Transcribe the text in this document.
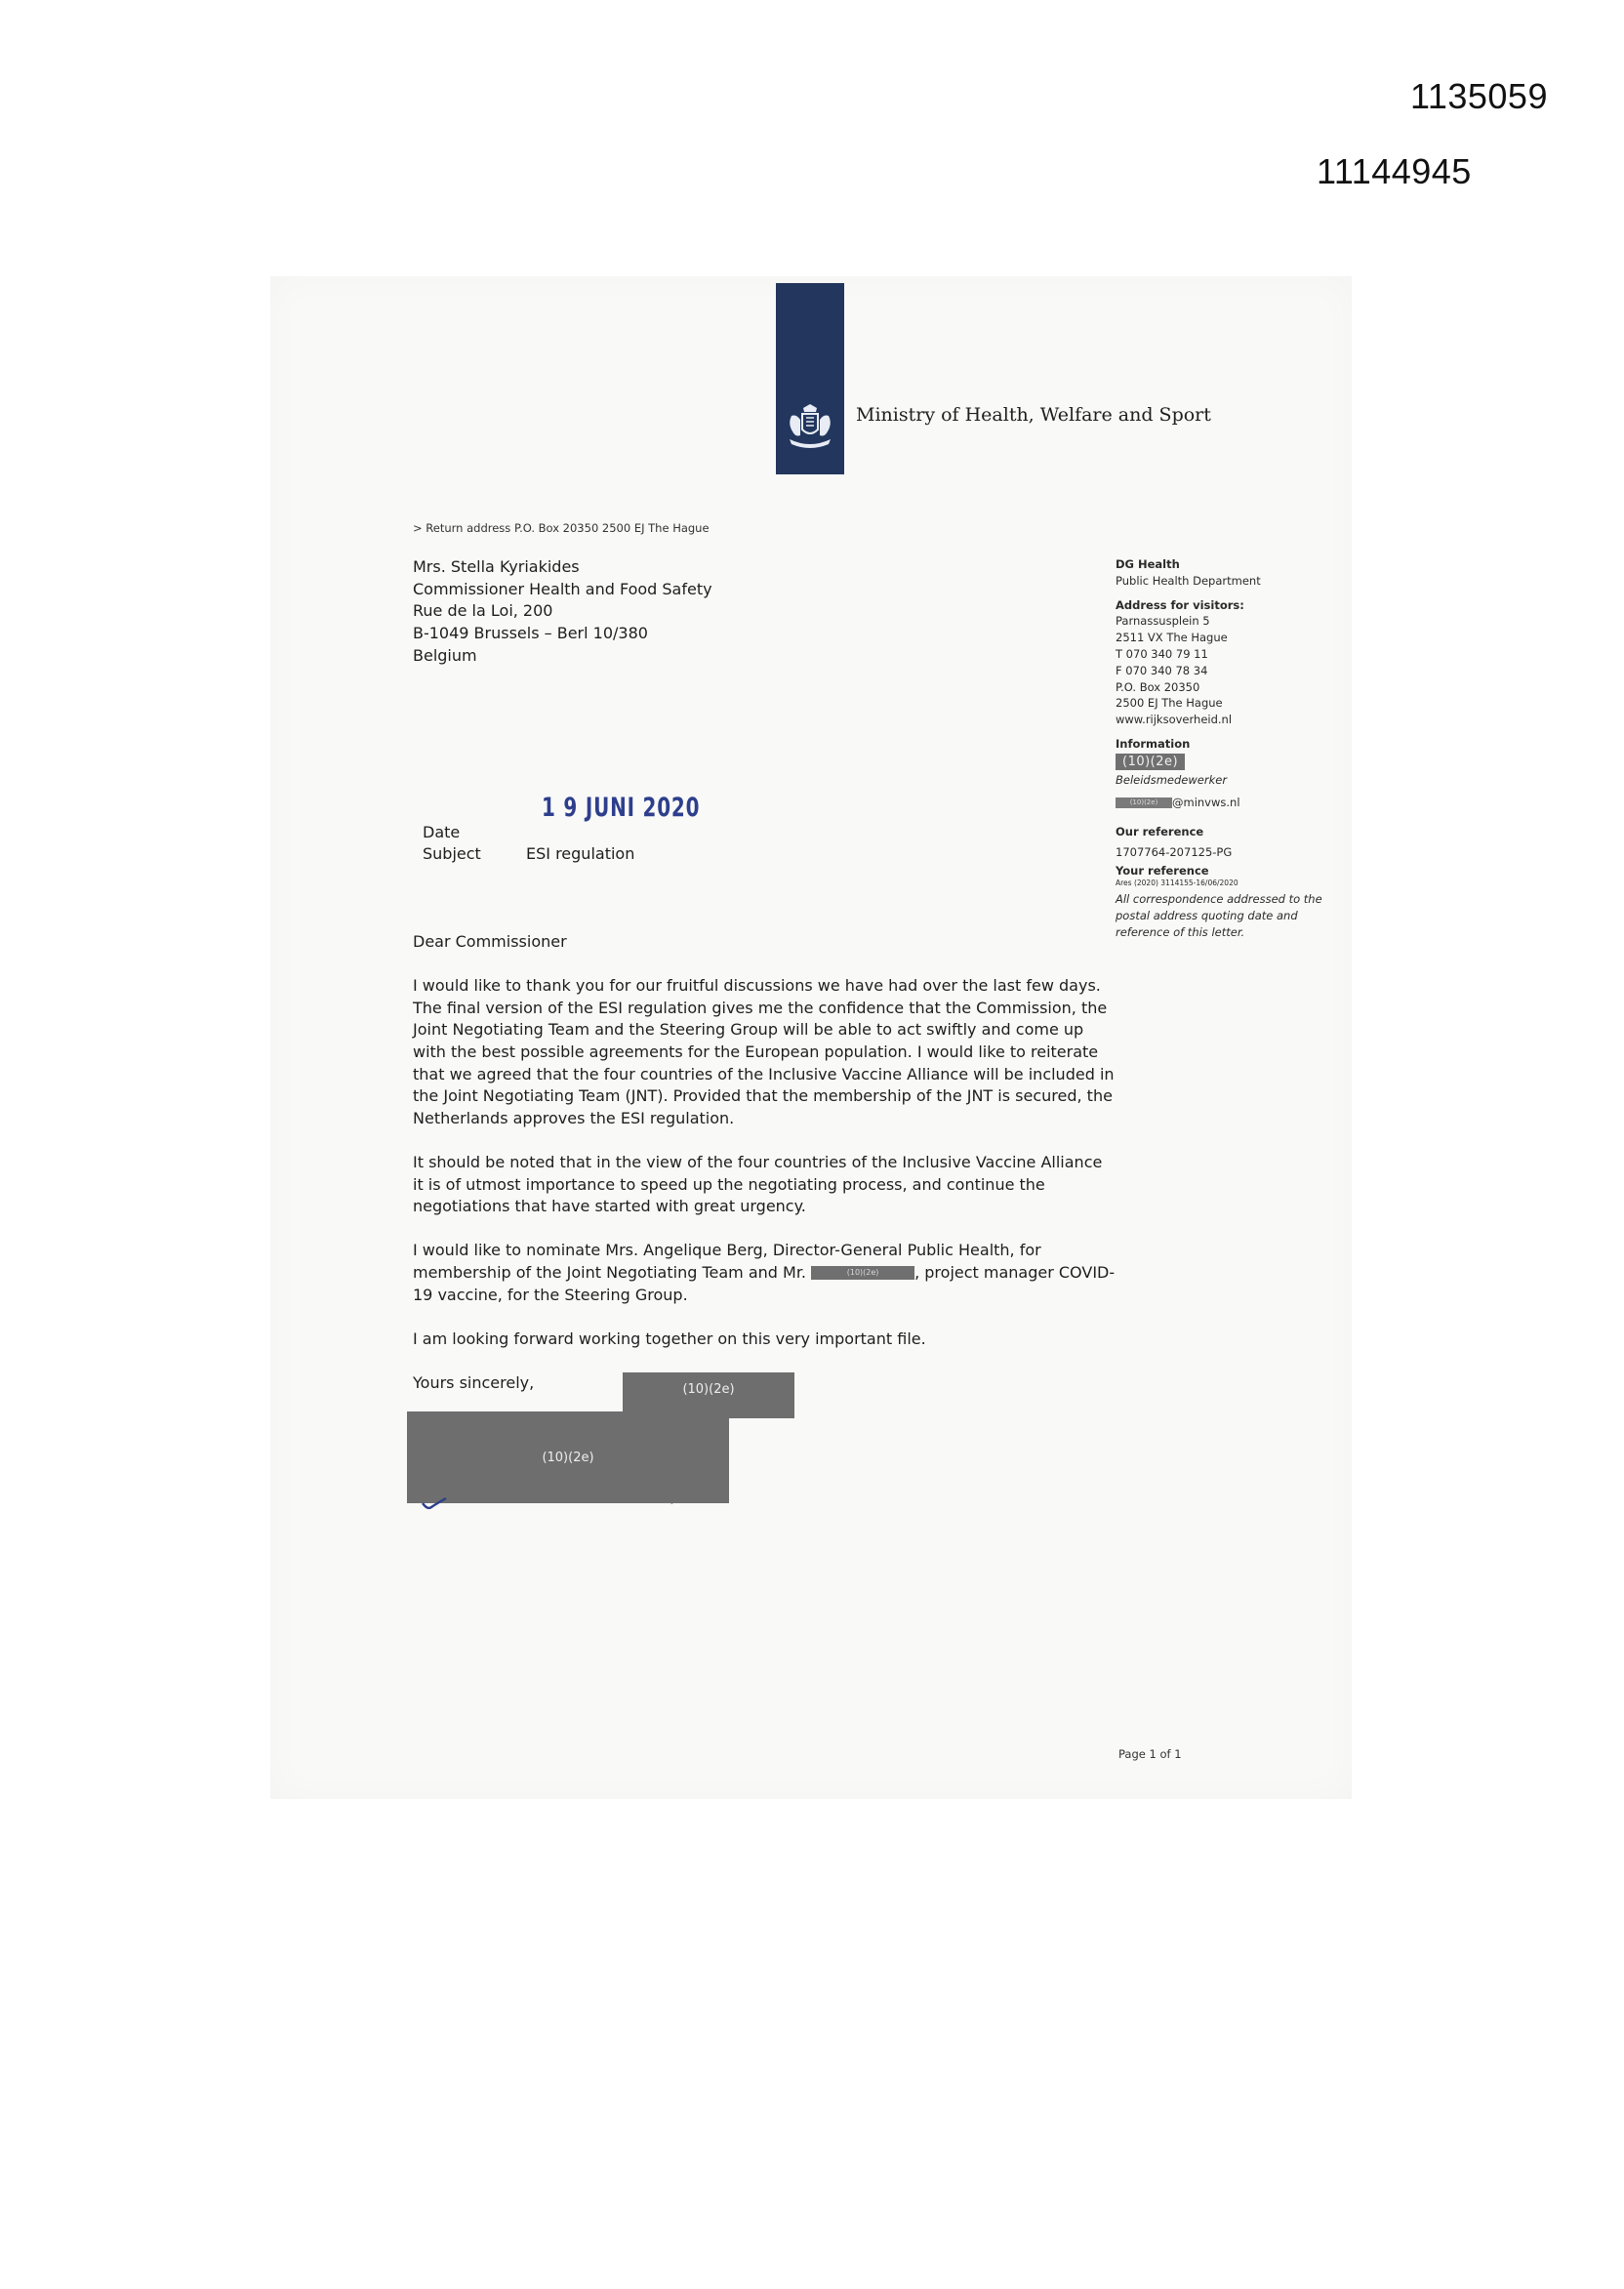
1135059
11144945
Ministry of Health, Welfare and Sport
> Return address P.O. Box 20350 2500 EJ The Hague
Mrs. Stella Kyriakides
Commissioner Health and Food Safety
Rue de la Loi, 200
B-1049 Brussels – Berl 10/380
Belgium
DG Health
Public Health Department
Address for visitors:
Parnassusplein 5
2511 VX The Hague
T 070 340 79 11
F 070 340 78 34
P.O. Box 20350
2500 EJ The Hague
www.rijksoverheid.nl
Information
(10)(2e)
Beleidsmedewerker
(10)(2e) @minvws.nl
Our reference
1707764-207125-PG
Your reference
Ares (2020) 3114155-16/06/2020
All correspondence addressed to the postal address quoting date and reference of this letter.
1 9 JUNI 2020
Date
Subject	ESI regulation

Dear Commissioner

I would like to thank you for our fruitful discussions we have had over the last few days. The final version of the ESI regulation gives me the confidence that the Commission, the Joint Negotiating Team and the Steering Group will be able to act swiftly and come up with the best possible agreements for the European population. I would like to reiterate that we agreed that the four countries of the Inclusive Vaccine Alliance will be included in the Joint Negotiating Team (JNT). Provided that the membership of the JNT is secured, the Netherlands approves the ESI regulation.

It should be noted that in the view of the four countries of the Inclusive Vaccine Alliance it is of utmost importance to speed up the negotiating process, and continue the negotiations that have started with great urgency.

I would like to nominate Mrs. Angelique Berg, Director-General Public Health, for membership of the Joint Negotiating Team and Mr.	(10)(2e) , project manager COVID-19 vaccine, for the Steering Group.

I am looking forward working together on this very important file.

Yours sincerely,	(10)(2e)
(10)(2e)
Page 1 of 1
